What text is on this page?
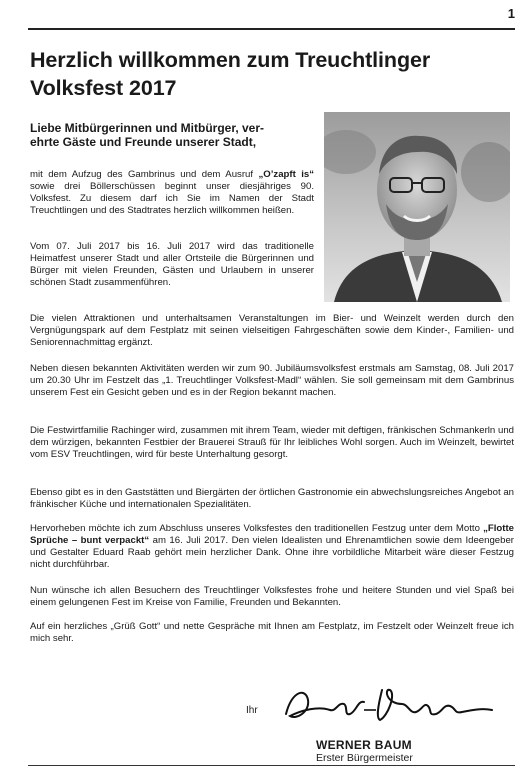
1
Herzlich willkommen zum Treuchtlinger
Volksfest 2017
Liebe Mitbürgerinnen und Mitbürger, ver-
ehrte Gäste und Freunde unserer Stadt,

mit dem Aufzug des Gambrinus und dem Ausruf „O’zapft is“ sowie drei Böllerschüssen beginnt unser diesjähriges 90. Volksfest. Zu diesem darf ich Sie im Namen der Stadt Treuchtlingen und des Stadtrates herzlich willkommen heißen.

Vom 07. Juli 2017 bis 16. Juli 2017 wird das traditionelle Heimatfest unserer Stadt und aller Ortsteile die Bürgerinnen und Bürger mit vielen Freunden, Gästen und Urlaubern in unserer schönen Stadt zusammenführen.

Die vielen Attraktionen und unterhaltsamen Veranstaltungen im Bier- und Weinzelt werden durch den Vergnügungspark auf dem Festplatz mit seinen vielseitigen Fahrgeschäften sowie dem Kinder-, Familien- und Seniorennachmittag ergänzt.

Neben diesen bekannten Aktivitäten werden wir zum 90. Jubiläumsvolksfest erstmals am Samstag, 08. Juli 2017 um 20.30 Uhr im Festzelt das „1. Treuchtlinger Volksfest-Madl“ wählen. Sie soll gemeinsam mit dem Gambrinus unserem Fest ein Gesicht geben und es in der Region bekannt machen.

Die Festwirtfamilie Rachinger wird, zusammen mit ihrem Team, wieder mit deftigen, fränkischen Schmankerln und dem würzigen, bekannten Festbier der Brauerei Strauß für Ihr leibliches Wohl sorgen. Auch im Weinzelt, bewirtet vom ESV Treuchtlingen, wird für beste Unterhaltung gesorgt.

Ebenso gibt es in den Gaststätten und Biergärten der örtlichen Gastronomie ein abwechslungsreiches Angebot an fränkischer Küche und internationalen Spezialitäten.

Hervorheben möchte ich zum Abschluss unseres Volksfestes den traditionellen Festzug unter dem Motto „Flotte Sprüche – bunt verpackt“ am 16. Juli 2017. Den vielen Idealisten und Ehrenamtlichen sowie dem Ideengeber und Gestalter Eduard Raab gehört mein herzlicher Dank. Ohne ihre vorbildliche Mitarbeit wäre dieser Festzug nicht durchführbar.

Nun wünsche ich allen Besuchern des Treuchtlinger Volksfestes frohe und heitere Stunden und viel Spaß bei einem gelungenen Fest im Kreise von Familie, Freunden und Bekannten.

Auf ein herzliches „Grüß Gott“ und nette Gespräche mit Ihnen am Festplatz, im Festzelt oder Weinzelt freue ich mich sehr.

Ihr
WERNER BAUM
Erster Bürgermeister
